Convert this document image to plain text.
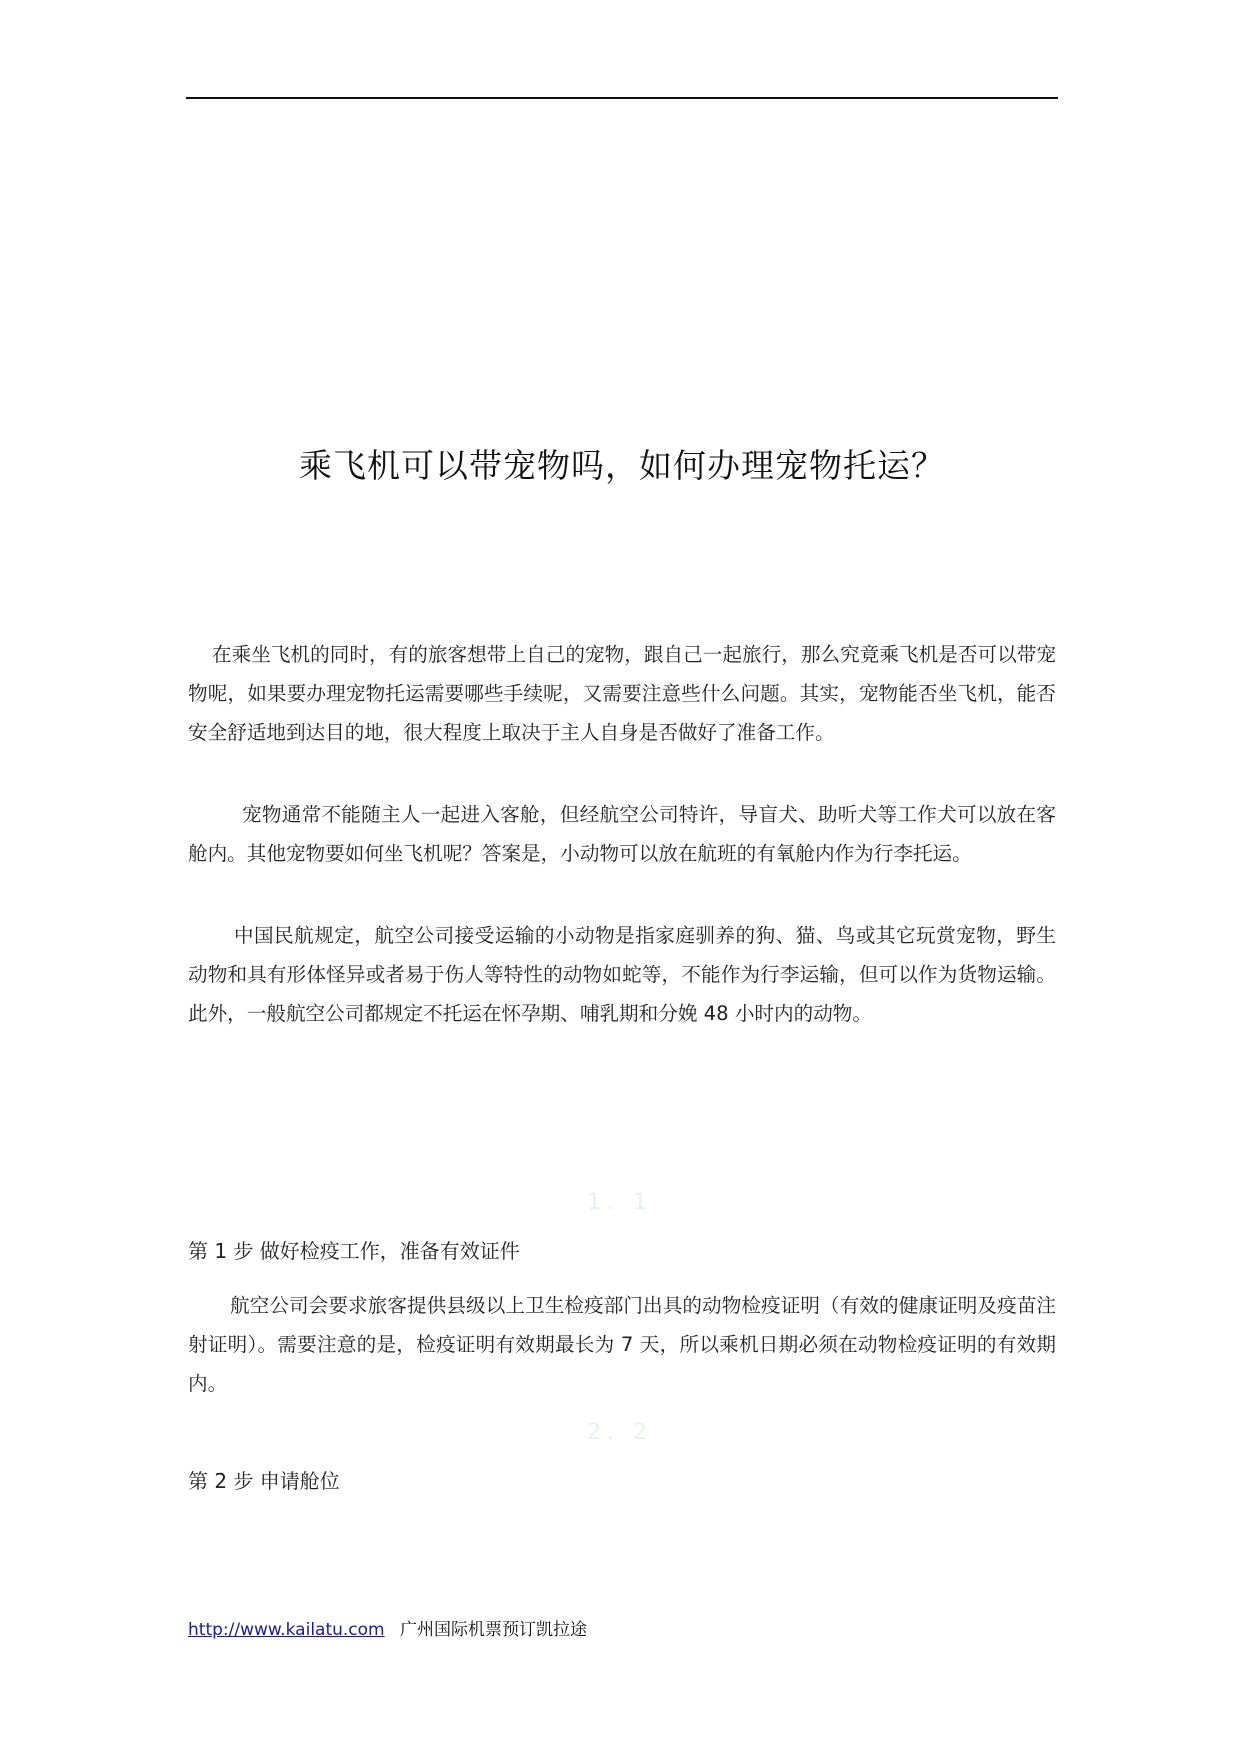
乘飞机可以带宠物吗，如何办理宠物托运？

在乘坐飞机的同时，有的旅客想带上自己的宠物，跟自己一起旅行，那么究竟乘飞机是否可以带宠物呢，如果要办理宠物托运需要哪些手续呢，又需要注意些什么问题。其实，宠物能否坐飞机，能否安全舒适地到达目的地，很大程度上取决于主人自身是否做好了准备工作。

宠物通常不能随主人一起进入客舱，但经航空公司特许，导盲犬、助听犬等工作犬可以放在客舱内。其他宠物要如何坐飞机呢？答案是，小动物可以放在航班的有氧舱内作为行李托运。

中国民航规定，航空公司接受运输的小动物是指家庭驯养的狗、猫、鸟或其它玩赏宠物，野生动物和具有形体怪异或者易于伤人等特性的动物如蛇等，不能作为行李运输，但可以作为货物运输。此外，一般航空公司都规定不托运在怀孕期、哺乳期和分娩 48 小时内的动物。

1. 1
第 1 步 做好检疫工作，准备有效证件

航空公司会要求旅客提供县级以上卫生检疫部门出具的动物检疫证明（有效的健康证明及疫苗注射证明）。需要注意的是，检疫证明有效期最长为 7 天，所以乘机日期必须在动物检疫证明的有效期内。

2. 2
第 2 步 申请舱位
http://www.kailatu.com 广州国际机票预订凯拉途
